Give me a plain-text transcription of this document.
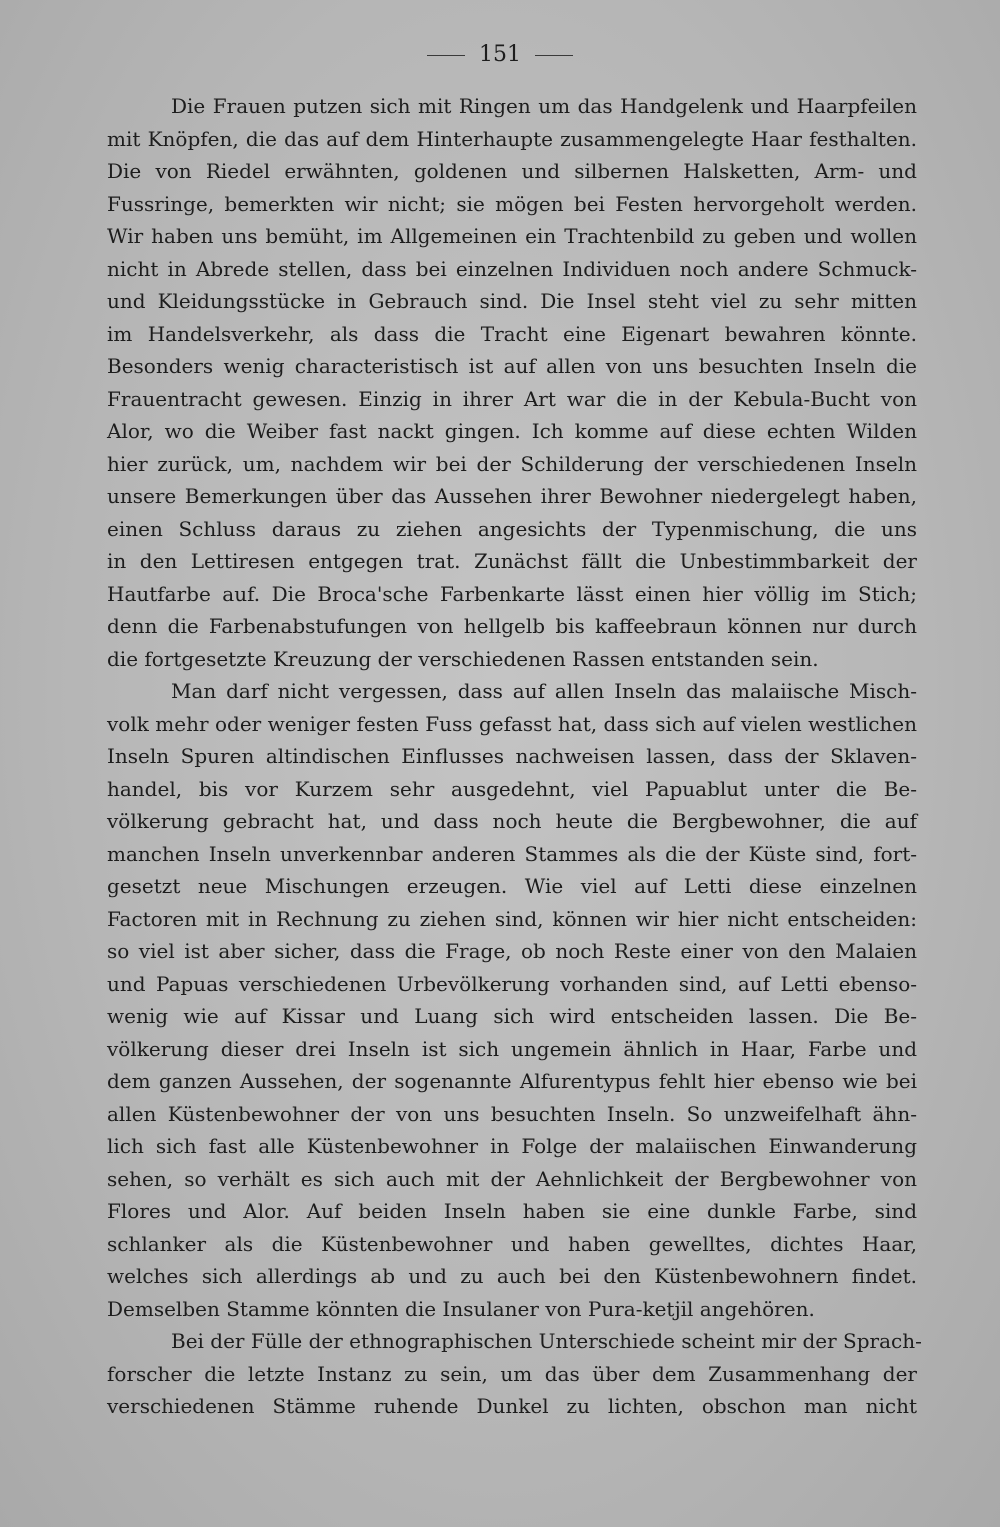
151
Die Frauen putzen sich mit Ringen um das Handgelenk und Haarpfeilen
mit Knöpfen, die das auf dem Hinterhaupte zusammengelegte Haar festhalten.
Die von Riedel erwähnten, goldenen und silbernen Halsketten, Arm- und
Fussringe, bemerkten wir nicht; sie mögen bei Festen hervorgeholt werden.
Wir haben uns bemüht, im Allgemeinen ein Trachtenbild zu geben und wollen
nicht in Abrede stellen, dass bei einzelnen Individuen noch andere Schmuck-
und Kleidungsstücke in Gebrauch sind. Die Insel steht viel zu sehr mitten
im Handelsverkehr, als dass die Tracht eine Eigenart bewahren könnte.
Besonders wenig characteristisch ist auf allen von uns besuchten Inseln die
Frauentracht gewesen. Einzig in ihrer Art war die in der Kebula-Bucht von
Alor, wo die Weiber fast nackt gingen. Ich komme auf diese echten Wilden
hier zurück, um, nachdem wir bei der Schilderung der verschiedenen Inseln
unsere Bemerkungen über das Aussehen ihrer Bewohner niedergelegt haben,
einen Schluss daraus zu ziehen angesichts der Typenmischung, die uns
in den Lettiresen entgegen trat. Zunächst fällt die Unbestimmbarkeit der
Hautfarbe auf. Die Broca'sche Farbenkarte lässt einen hier völlig im Stich;
denn die Farbenabstufungen von hellgelb bis kaffeebraun können nur durch
die fortgesetzte Kreuzung der verschiedenen Rassen entstanden sein.
Man darf nicht vergessen, dass auf allen Inseln das malaiische Misch-
volk mehr oder weniger festen Fuss gefasst hat, dass sich auf vielen westlichen
Inseln Spuren altindischen Einflusses nachweisen lassen, dass der Sklaven-
handel, bis vor Kurzem sehr ausgedehnt, viel Papuablut unter die Be-
völkerung gebracht hat, und dass noch heute die Bergbewohner, die auf
manchen Inseln unverkennbar anderen Stammes als die der Küste sind, fort-
gesetzt neue Mischungen erzeugen. Wie viel auf Letti diese einzelnen
Factoren mit in Rechnung zu ziehen sind, können wir hier nicht entscheiden:
so viel ist aber sicher, dass die Frage, ob noch Reste einer von den Malaien
und Papuas verschiedenen Urbevölkerung vorhanden sind, auf Letti ebenso-
wenig wie auf Kissar und Luang sich wird entscheiden lassen. Die Be-
völkerung dieser drei Inseln ist sich ungemein ähnlich in Haar, Farbe und
dem ganzen Aussehen, der sogenannte Alfurentypus fehlt hier ebenso wie bei
allen Küstenbewohner der von uns besuchten Inseln. So unzweifelhaft ähn-
lich sich fast alle Küstenbewohner in Folge der malaiischen Einwanderung
sehen, so verhält es sich auch mit der Aehnlichkeit der Bergbewohner von
Flores und Alor. Auf beiden Inseln haben sie eine dunkle Farbe, sind
schlanker als die Küstenbewohner und haben gewelltes, dichtes Haar,
welches sich allerdings ab und zu auch bei den Küstenbewohnern findet.
Demselben Stamme könnten die Insulaner von Pura-ketjil angehören.
Bei der Fülle der ethnographischen Unterschiede scheint mir der Sprach-
forscher die letzte Instanz zu sein, um das über dem Zusammenhang der
verschiedenen Stämme ruhende Dunkel zu lichten, obschon man nicht
